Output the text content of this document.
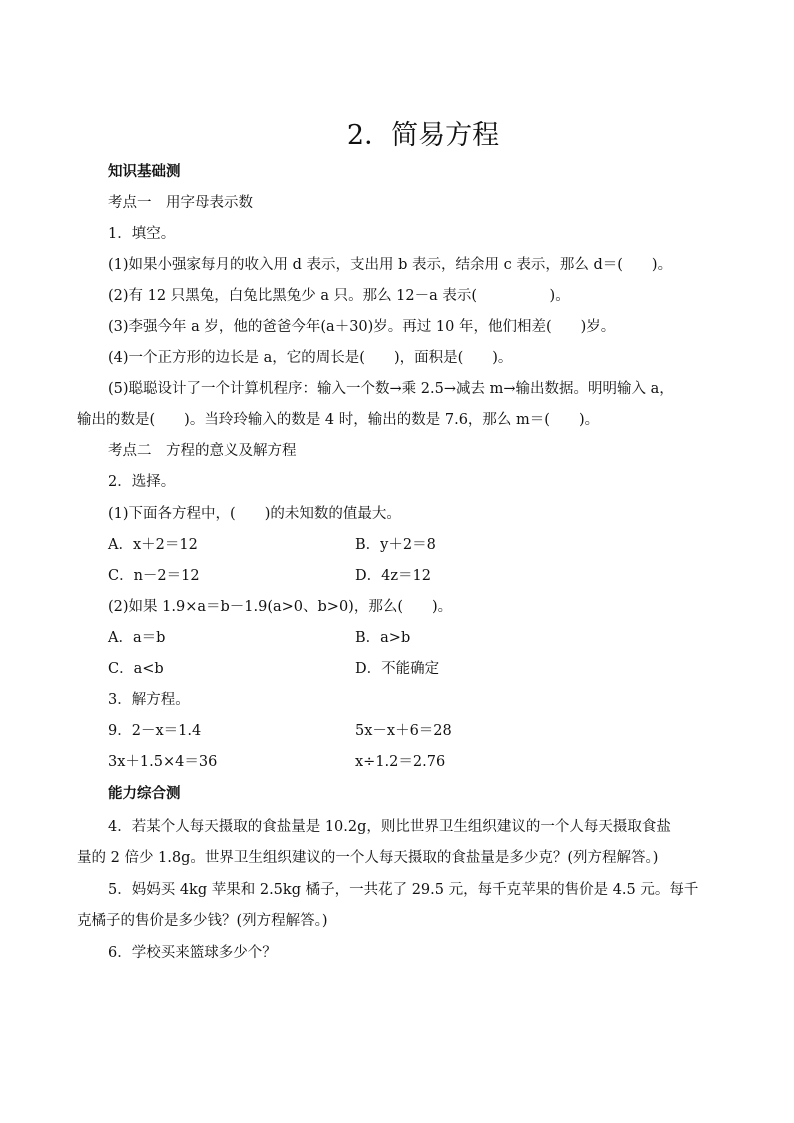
2．简易方程
知识基础测
考点一　用字母表示数
1．填空。
(1)如果小强家每月的收入用 d 表示，支出用 b 表示，结余用 c 表示，那么 d＝(　　)。
(2)有 12 只黑兔，白兔比黑兔少 a 只。那么 12－a 表示(　　　　　)。
(3)李强今年 a 岁，他的爸爸今年(a＋30)岁。再过 10 年，他们相差(　　)岁。
(4)一个正方形的边长是 a，它的周长是(　　)，面积是(　　)。
(5)聪聪设计了一个计算机程序：输入一个数→乘 2.5→减去 m→输出数据。明明输入 a，
输出的数是(　　)。当玲玲输入的数是 4 时，输出的数是 7.6，那么 m＝(　　)。
考点二　方程的意义及解方程
2．选择。
(1)下面各方程中，(　　)的未知数的值最大。
A．x＋2＝12	B．y＋2＝8
C．n－2＝12	D．4z＝12
(2)如果 1.9×a＝b－1.9(a>0、b>0)，那么(　　)。
A．a＝b	B．a>b
C．a<b	D．不能确定
3．解方程。
9．2－x＝1.4	5x－x＋6＝28
3x＋1.5×4＝36	x÷1.2＝2.76
能力综合测
4．若某个人每天摄取的食盐量是 10.2g，则比世界卫生组织建议的一个人每天摄取食盐
量的 2 倍少 1.8g。世界卫生组织建议的一个人每天摄取的食盐量是多少克？(列方程解答。)
5．妈妈买 4kg 苹果和 2.5kg 橘子，一共花了 29.5 元，每千克苹果的售价是 4.5 元。每千
克橘子的售价是多少钱？(列方程解答。)
6．学校买来篮球多少个？
